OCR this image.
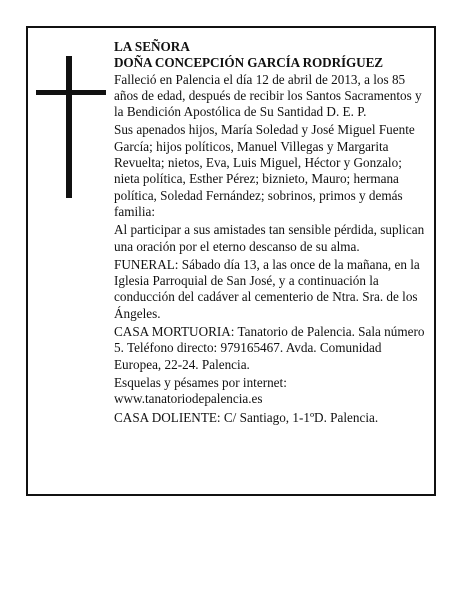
LA SEÑORA

DOÑA CONCEPCIÓN GARCÍA RODRÍGUEZ

Falleció en Palencia el día 12 de abril de 2013, a los 85 años de edad, después de recibir los Santos Sacramentos y la Bendición Apostólica de Su Santidad D. E. P.

Sus apenados hijos, María Soledad y José Miguel Fuente García; hijos políticos, Manuel Villegas y Margarita Revuelta; nietos, Eva, Luis Miguel, Héctor y Gonzalo; nieta política, Esther Pérez; biznieto, Mauro; hermana política, Soledad Fernández; sobrinos, primos y demás familia:

Al participar a sus amistades tan sensible pérdida, suplican una oración por el eterno descanso de su alma.

FUNERAL: Sábado día 13, a las once de la mañana, en la Iglesia Parroquial de San José, y a continuación la conducción del cadáver al cementerio de Ntra. Sra. de los Ángeles.

CASA MORTUORIA: Tanatorio de Palencia. Sala número 5. Teléfono directo: 979165467. Avda. Comunidad Europea, 22-24. Palencia.

Esquelas y pésames por internet: www.tanatoriodepalencia.es

CASA DOLIENTE: C/ Santiago, 1-1ºD. Palencia.
